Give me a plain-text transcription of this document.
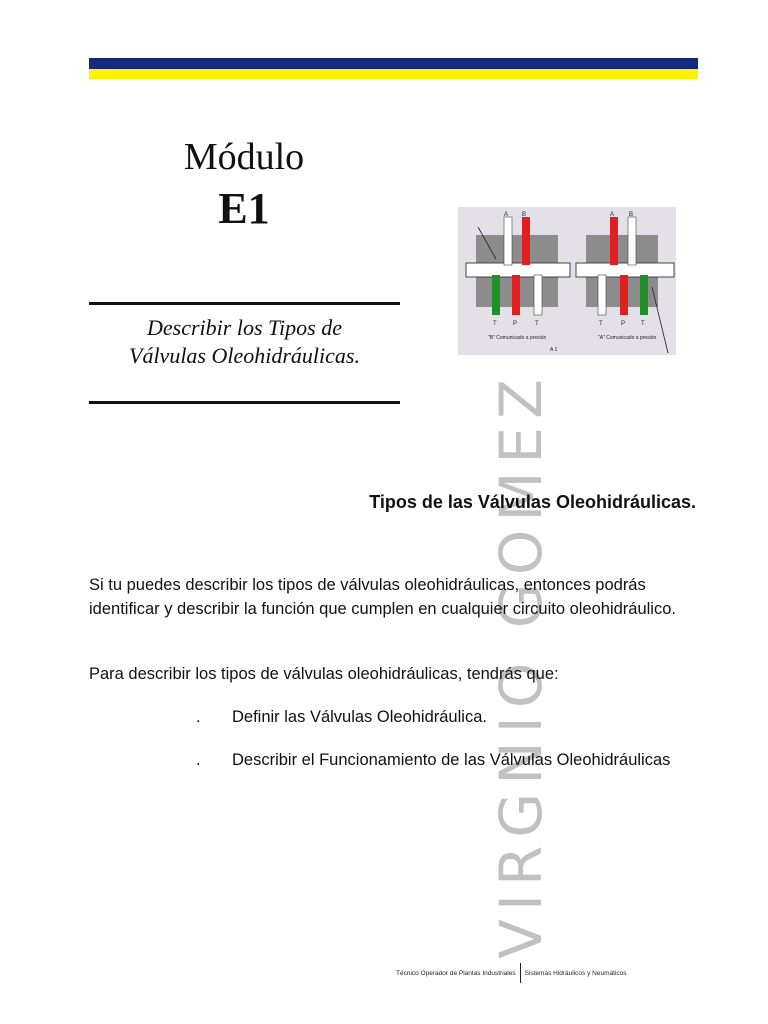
Módulo
E1
Describir los Tipos de
Válvulas Oleohidráulicas.
A B
T	P	T
"B" Comunicado a presión
A B
T	P	T
"A" Comunicado a presión
A 1
VIRGNIO GOMEZ
Tipos de las Válvulas Oleohidráulicas.
Si tu puedes describir los tipos de válvulas oleohidráulicas, entonces podrás identificar y describir la función que cumplen en cualquier circuito oleohidráulico.
Para describir los tipos de válvulas oleohidráulicas, tendrás que:
. Definir las Válvulas Oleohidráulica.
. Describir el Funcionamiento de las Válvulas Oleohidráulicas
Técnico Operador de Plantas Industriales Sistemas Hidráulicos y Neumáticos
